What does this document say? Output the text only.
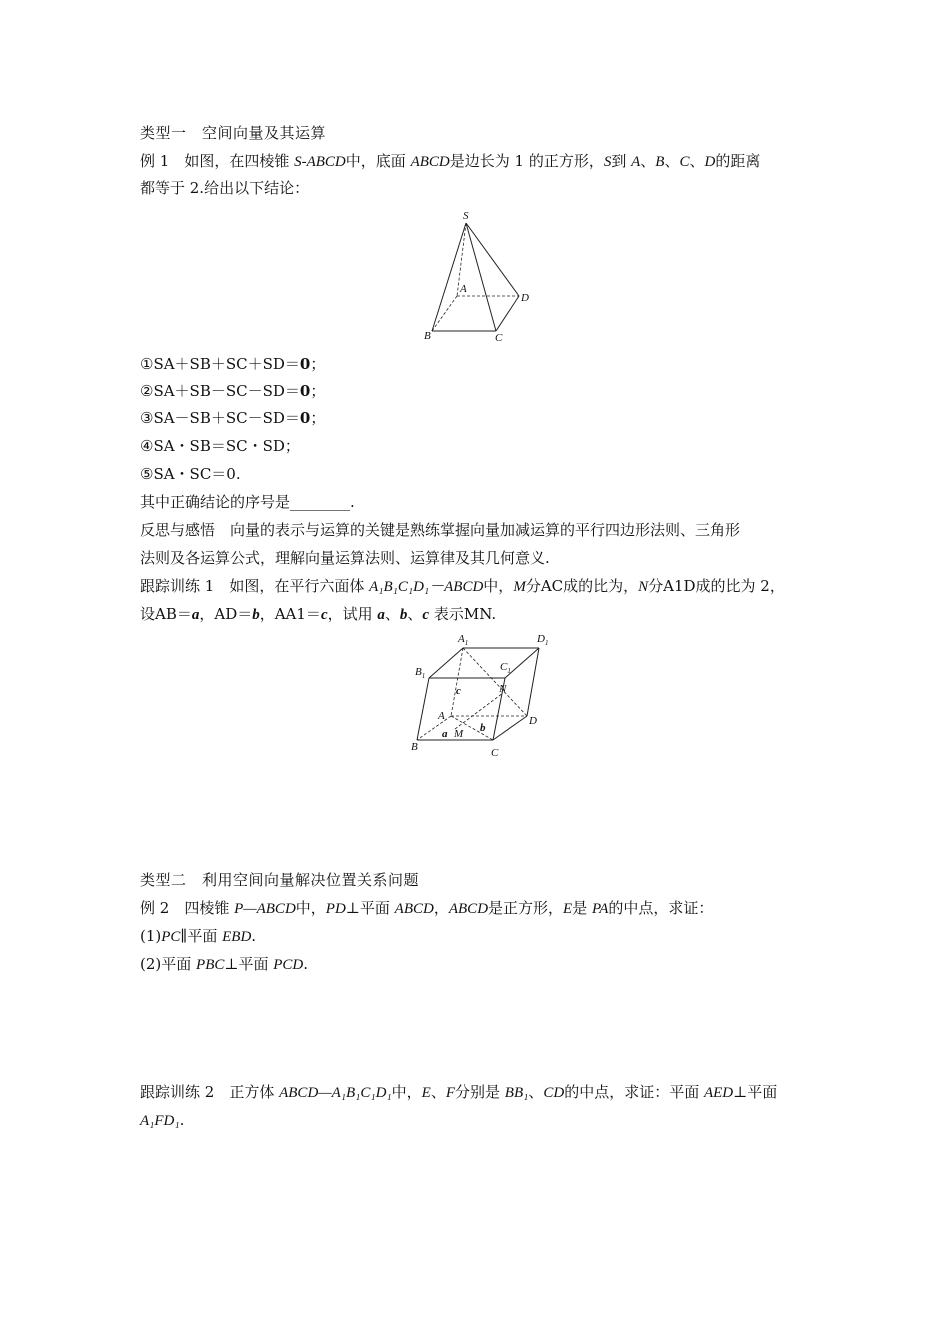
类型一　空间向量及其运算
例 1　 如图，在四棱锥 S-ABCD中，底面 ABCD是边长为 1 的正方形，S到 A、B、C、D的距离
都等于 2.给出以下结论：
S
A
B	C
D
①SA＋SB＋SC＋SD＝0；
②SA＋SB－SC－SD＝0；
③SA－SB＋SC－SD＝0；
④SA・SB＝SC・SD；
⑤SA・SC＝0.
其中正确结论的序号是________.
反思与感悟　向量的表示与运算的关键是熟练掌握向量加减运算的平行四边形法则、三角形
法则及各运算公式，理解向量运算法则、运算律及其几何意义.
跟踪训练 1　 如图，在平行六面体 A₁B₁C₁D₁－ABCD中，M分AC成的比为，N分A1D成的比为 2，
设AB＝a，AD＝b，AA1＝c，试用 a、b、c 表示MN.
$A_1$	$D_1$
$B_1$
$C_1$
c	N
A	D
a M b
B	C
类型二　利用空间向量解决位置关系问题
例 2　 四棱锥 P—ABCD中，PD⊥平面 ABCD，ABCD是正方形，E是 PA的中点，求证：
(1)PC∥平面 EBD.
(2)平面 PBC⊥平面 PCD.
跟踪训练 2　 正方体 ABCD—A₁B₁C₁D₁中，E、F分别是 BB₁、CD的中点，求证：平面 AED⊥平面
A₁FD₁.
